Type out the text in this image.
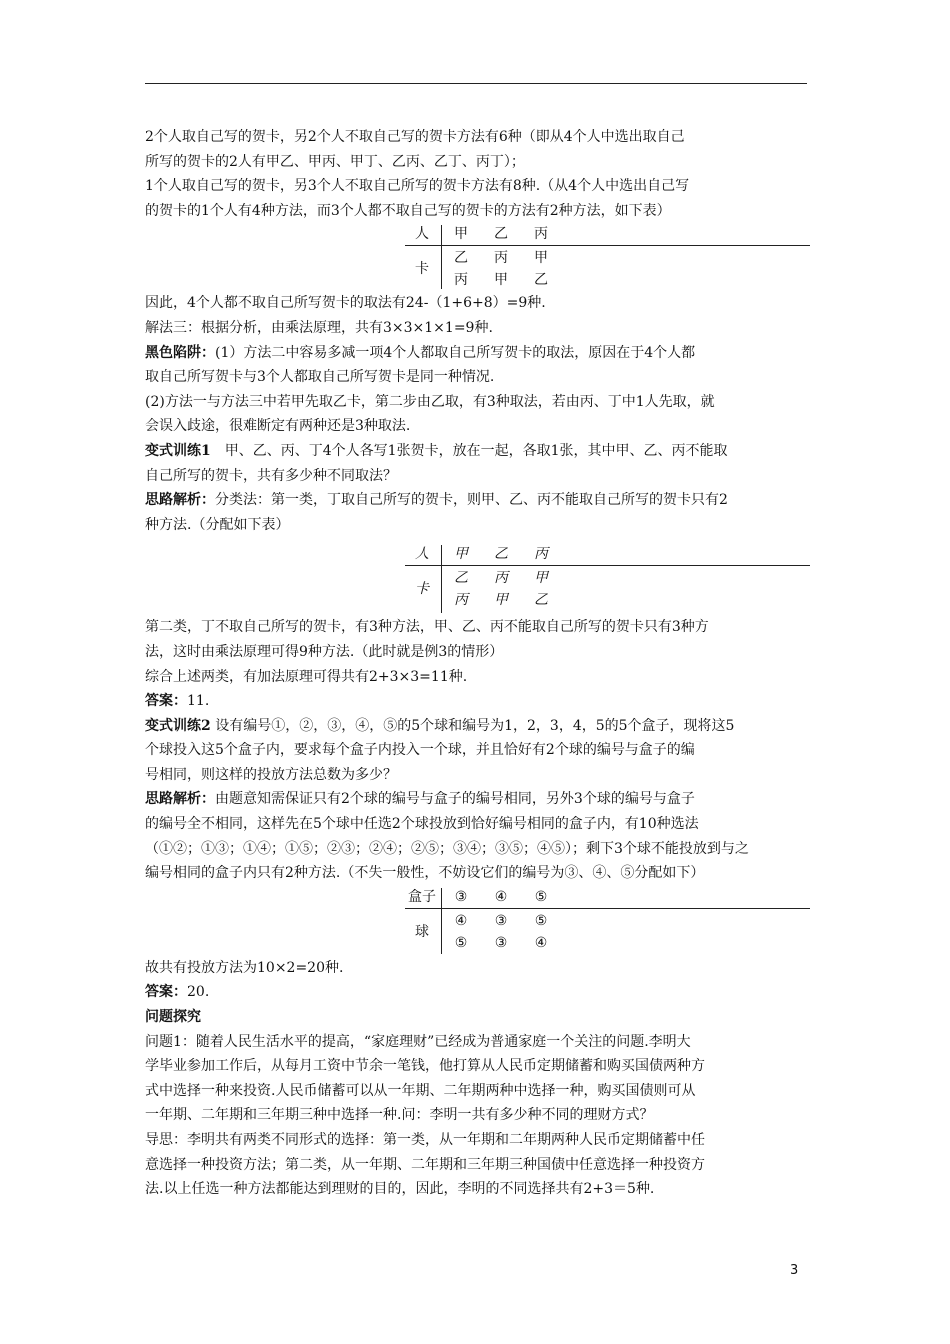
2个人取自己写的贺卡，另2个人不取自己写的贺卡方法有6种（即从4个人中选出取自己
所写的贺卡的2人有甲乙、甲丙、甲丁、乙丙、乙丁、丙丁）；
1个人取自己写的贺卡，另3个人不取自己所写的贺卡方法有8种.（从4个人中选出自己写
的贺卡的1个人有4种方法，而3个人都不取自己写的贺卡的方法有2种方法，如下表）
人	甲	乙	丙
卡
乙	丙	甲
丙	甲	乙
因此，4个人都不取自己所写贺卡的取法有24-（1+6+8）=9种.
解法三：根据分析，由乘法原理，共有3×3×1×1=9种.
黑色陷阱：(1）方法二中容易多减一项4个人都取自己所写贺卡的取法，原因在于4个人都
取自己所写贺卡与3个人都取自己所写贺卡是同一种情况.
(2)方法一与方法三中若甲先取乙卡，第二步由乙取，有3种取法，若由丙、丁中1人先取，就
会误入歧途，很难断定有两种还是3种取法.
变式训练1　甲、乙、丙、丁4个人各写1张贺卡，放在一起，各取1张，其中甲、乙、丙不能取
自己所写的贺卡，共有多少种不同取法？
思路解析：分类法：第一类，丁取自己所写的贺卡，则甲、乙、丙不能取自己所写的贺卡只有2
种方法.（分配如下表）
人	甲	乙	丙
卡
乙	丙	甲
丙	甲	乙
第二类，丁不取自己所写的贺卡，有3种方法，甲、乙、丙不能取自己所写的贺卡只有3种方
法，这时由乘法原理可得9种方法.（此时就是例3的情形）
综合上述两类，有加法原理可得共有2+3×3=11种.
答案：11.
变式训练2 设有编号①，②，③，④，⑤的5个球和编号为1，2，3，4，5的5个盒子，现将这5
个球投入这5个盒子内，要求每个盒子内投入一个球，并且恰好有2个球的编号与盒子的编
号相同，则这样的投放方法总数为多少？
思路解析：由题意知需保证只有2个球的编号与盒子的编号相同，另外3个球的编号与盒子
的编号全不相同，这样先在5个球中任选2个球投放到恰好编号相同的盒子内，有10种选法
（①②；①③；①④；①⑤；②③；②④；②⑤；③④；③⑤；④⑤）；剩下3个球不能投放到与之
编号相同的盒子内只有2种方法.（不失一般性，不妨设它们的编号为③、④、⑤分配如下）
盒子	③	④	⑤
球
④	③	⑤
⑤	③	④
故共有投放方法为10×2=20种.
答案：20.
问题探究
问题1：随着人民生活水平的提高，“家庭理财”已经成为普通家庭一个关注的问题.李明大
学毕业参加工作后，从每月工资中节余一笔钱，他打算从人民币定期储蓄和购买国债两种方
式中选择一种来投资.人民币储蓄可以从一年期、二年期两种中选择一种，购买国债则可从
一年期、二年期和三年期三种中选择一种.问：李明一共有多少种不同的理财方式？
导思：李明共有两类不同形式的选择：第一类，从一年期和二年期两种人民币定期储蓄中任
意选择一种投资方法；第二类，从一年期、二年期和三年期三种国债中任意选择一种投资方
法.以上任选一种方法都能达到理财的目的，因此，李明的不同选择共有2+3＝5种.
3
